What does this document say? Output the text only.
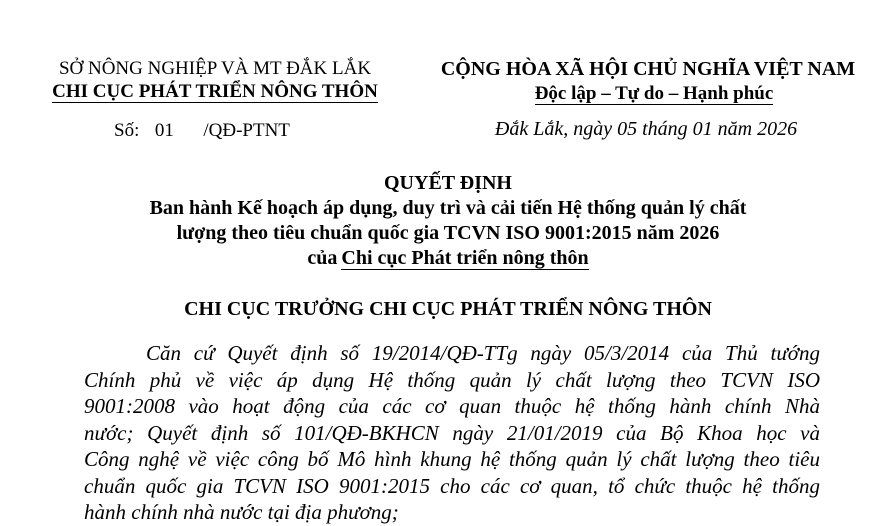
SỞ NÔNG NGHIỆP VÀ MT ĐẮK LẮK
CHI CỤC PHÁT TRIỂN NÔNG THÔN
Số: 01 /QĐ-PTNT
CỘNG HÒA XÃ HỘI CHỦ NGHĨA VIỆT NAM
Độc lập – Tự do – Hạnh phúc
Đắk Lắk, ngày 05 tháng 01 năm 2026
QUYẾT ĐỊNH
Ban hành Kế hoạch áp dụng, duy trì và cải tiến Hệ thống quản lý chất
lượng theo tiêu chuẩn quốc gia TCVN ISO 9001:2015 năm 2026
của Chi cục Phát triển nông thôn
CHI CỤC TRƯỞNG CHI CỤC PHÁT TRIỂN NÔNG THÔN
Căn cứ Quyết định số 19/2014/QĐ-TTg ngày 05/3/2014 của Thủ tướng
Chính phủ về việc áp dụng Hệ thống quản lý chất lượng theo TCVN ISO
9001:2008 vào hoạt động của các cơ quan thuộc hệ thống hành chính Nhà
nước; Quyết định số 101/QĐ-BKHCN ngày 21/01/2019 của Bộ Khoa học và
Công nghệ về việc công bố Mô hình khung hệ thống quản lý chất lượng theo tiêu
chuẩn quốc gia TCVN ISO 9001:2015 cho các cơ quan, tổ chức thuộc hệ thống
hành chính nhà nước tại địa phương;
